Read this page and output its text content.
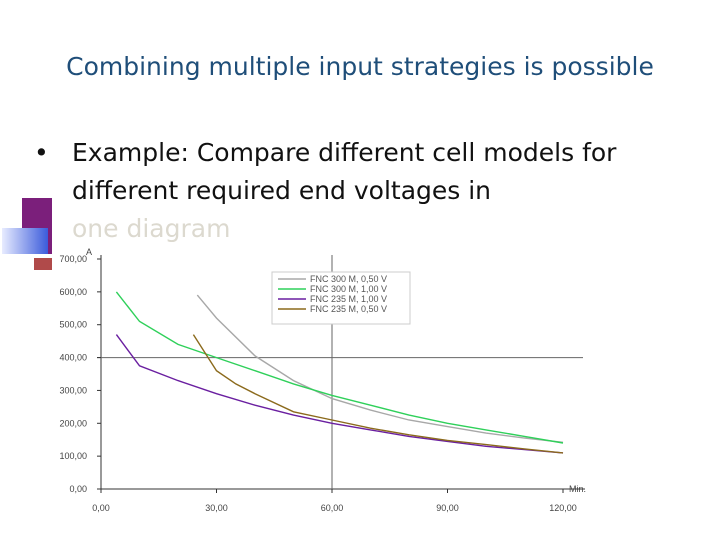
Combining multiple input strategies is possible
• Example: Compare different cell models for
different required end voltages in
one diagram
0,00
100,00
200,00
300,00
400,00
500,00
600,00
700,00
0,00	30,00	60,00	90,00	120,00
A
Min.
FNC 300 M, 0,50 V
FNC 300 M, 1,00 V
FNC 235 M, 1,00 V
FNC 235 M, 0,50 V
